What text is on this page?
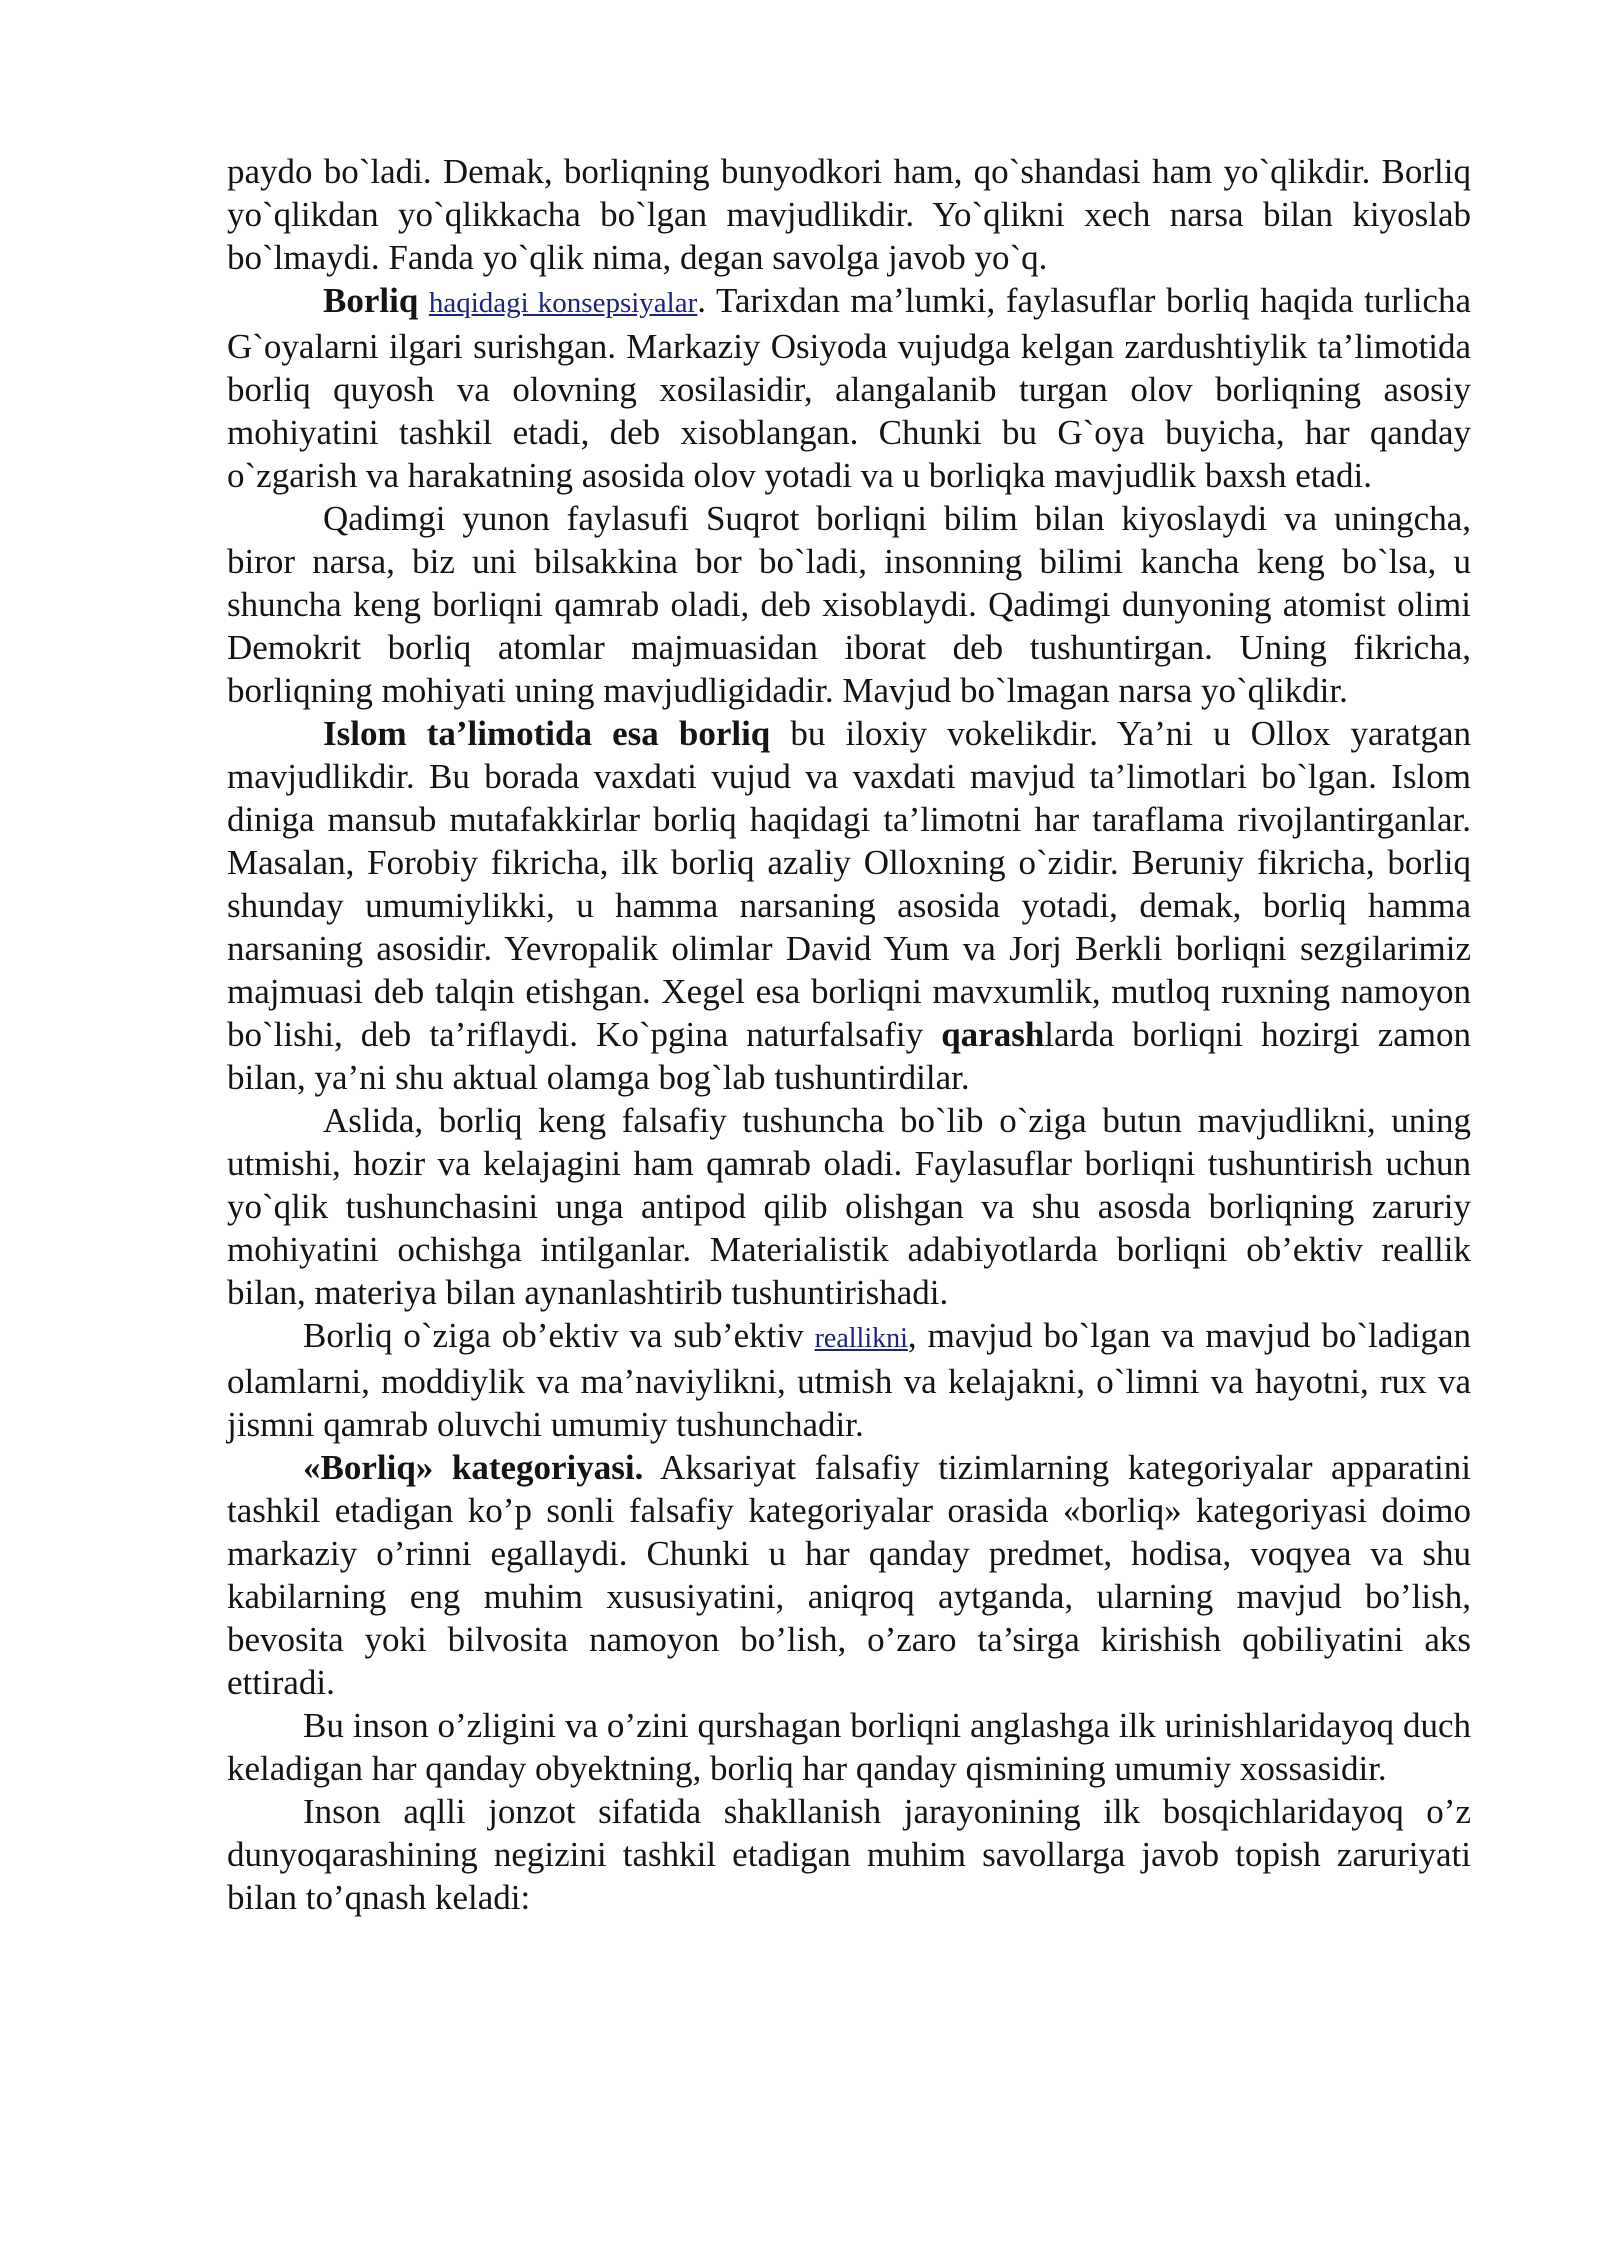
paydo bo`ladi. Demak, borliqning bunyodkori ham, qo`shandasi ham yo`qlikdir. Borliq yo`qlikdan yo`qlikkacha bo`lgan mavjudlikdir. Yo`qlikni xech narsa bilan kiyoslab bo`lmaydi. Fanda yo`qlik nima, degan savolga javob yo`q.

Borliq haqidagi konsepsiyalar. Tarixdan ma’lumki, faylasuflar borliq haqida turlicha G`oyalarni ilgari surishgan. Markaziy Osiyoda vujudga kelgan zardushtiylik ta’limotida borliq quyosh va olovning xosilasidir, alangalanib turgan olov borliqning asosiy mohiyatini tashkil etadi, deb xisoblangan. Chunki bu G`oya buyicha, har qanday o`zgarish va harakatning asosida olov yotadi va u borliqka mavjudlik baxsh etadi.

Qadimgi yunon faylasufi Suqrot borliqni bilim bilan kiyoslaydi va uningcha, biror narsa, biz uni bilsakkina bor bo`ladi, insonning bilimi kancha keng bo`lsa, u shuncha keng borliqni qamrab oladi, deb xisoblaydi. Qadimgi dunyoning atomist olimi Demokrit borliq atomlar majmuasidan iborat deb tushuntirgan. Uning fikricha, borliqning mohiyati uning mavjudligidadir. Mavjud bo`lmagan narsa yo`qlikdir.

Islom ta’limotida esa borliq bu iloxiy vokelikdir. Ya’ni u Ollox yaratgan mavjudlikdir. Bu borada vaxdati vujud va vaxdati mavjud ta’limotlari bo`lgan. Islom diniga mansub mutafakkirlar borliq haqidagi ta’limotni har taraflama rivojlantirganlar. Masalan, Forobiy fikricha, ilk borliq azaliy Olloxning o`zidir. Beruniy fikricha, borliq shunday umumiylikki, u hamma narsaning asosida yotadi, demak, borliq hamma narsaning asosidir. Yevropalik olimlar David Yum va Jorj Berkli borliqni sezgilarimiz majmuasi deb talqin etishgan. Xegel esa borliqni mavxumlik, mutloq ruxning namoyon bo`lishi, deb ta’riflaydi. Ko`pgina naturfalsafiy qarashlarda borliqni hozirgi zamon bilan, ya’ni shu aktual olamga bog`lab tushuntirdilar.

Aslida, borliq keng falsafiy tushuncha bo`lib o`ziga butun mavjudlikni, uning utmishi, hozir va kelajagini ham qamrab oladi. Faylasuflar borliqni tushuntirish uchun yo`qlik tushunchasini unga antipod qilib olishgan va shu asosda borliqning zaruriy mohiyatini ochishga intilganlar. Materialistik adabiyotlarda borliqni ob’ektiv reallik bilan, materiya bilan aynanlashtirib tushuntirishadi.

Borliq o`ziga ob’ektiv va sub’ektiv reallikni, mavjud bo`lgan va mavjud bo`ladigan olamlarni, moddiylik va ma’naviylikni, utmish va kelajakni, o`limni va hayotni, rux va jismni qamrab oluvchi umumiy tushunchadir.

«Borliq» kategoriyasi. Aksariyat falsafiy tizimlarning kategoriyalar apparatini tashkil etadigan ko’p sonli falsafiy kategoriyalar orasida «borliq» kategoriyasi doimo markaziy o’rinni egallaydi. Chunki u har qanday predmet, hodisa, voqyea va shu kabilarning eng muhim xususiyatini, aniqroq aytganda, ularning mavjud bo’lish, bevosita yoki bilvosita namoyon bo’lish, o’zaro ta’sirga kirishish qobiliyatini aks ettiradi.

Bu inson o’zligini va o’zini qurshagan borliqni anglashga ilk urinishlaridayoq duch keladigan har qanday obyektning, borliq har qanday qismining umumiy xossasidir.

Inson aqlli jonzot sifatida shakllanish jarayonining ilk bosqichlaridayoq o’z dunyoqarashining negizini tashkil etadigan muhim savollarga javob topish zaruriyati bilan to’qnash keladi:
